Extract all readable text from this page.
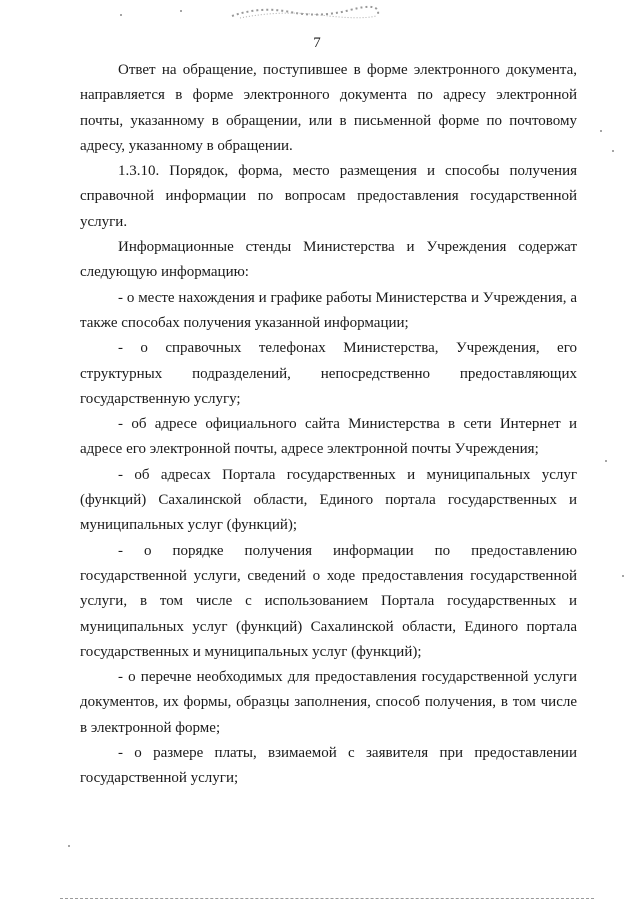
7

Ответ на обращение, поступившее в форме электронного документа, направляется в форме электронного документа по адресу электронной почты, указанному в обращении, или в письменной форме по почтовому адресу, указанному в обращении.

1.3.10. Порядок, форма, место размещения и способы получения справочной информации по вопросам предоставления государственной услуги.

Информационные стенды Министерства и Учреждения содержат следующую информацию:

- о месте нахождения и графике работы Министерства и Учреждения, а также способах получения указанной информации;

- о справочных телефонах Министерства, Учреждения, его структурных подразделений, непосредственно предоставляющих государственную услугу;

- об адресе официального сайта Министерства в сети Интернет и адресе его электронной почты, адресе электронной почты Учреждения;

- об адресах Портала государственных и муниципальных услуг (функций) Сахалинской области, Единого портала государственных и муниципальных услуг (функций);

- о порядке получения информации по предоставлению государственной услуги, сведений о ходе предоставления государственной услуги, в том числе с использованием Портала государственных и муниципальных услуг (функций) Сахалинской области, Единого портала государственных и муниципальных услуг (функций);

- о перечне необходимых для предоставления государственной услуги документов, их формы, образцы заполнения, способ получения, в том числе в электронной форме;

- о размере платы, взимаемой с заявителя при предоставлении государственной услуги;
